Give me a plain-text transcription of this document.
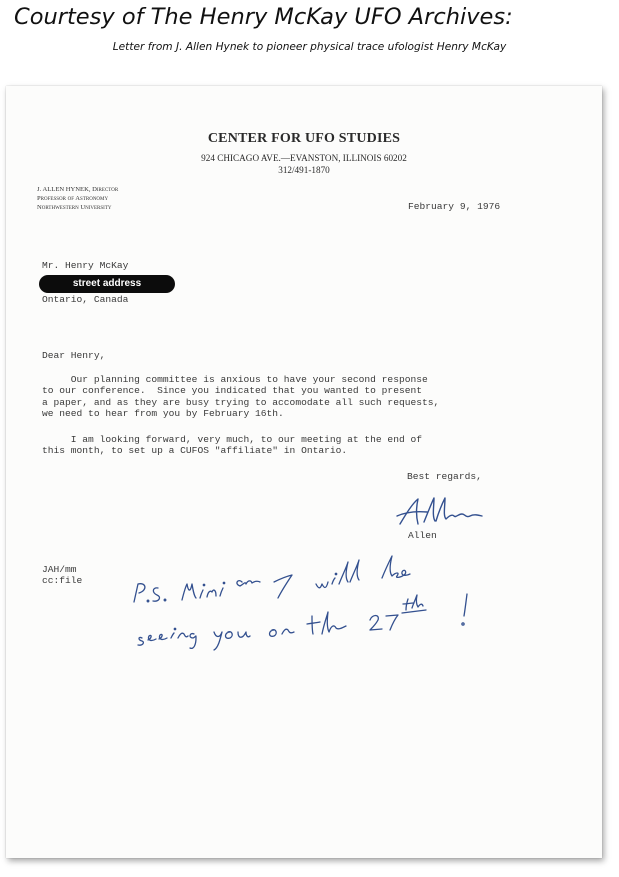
Courtesy of The Henry McKay UFO Archives:
Letter from J. Allen Hynek to pioneer physical trace ufologist Henry McKay
CENTER FOR UFO STUDIES
924 CHICAGO AVE.—EVANSTON, ILLINOIS 60202
312/491-1870
J. ALLEN HYNEK, Director
Professor of Astronomy
Northwestern University	February 9, 1976
Mr. Henry McKay
street address
Ontario, Canada
Dear Henry,
Our planning committee is anxious to have your second response
to our conference.  Since you indicated that you wanted to present
a paper, and as they are busy trying to accomodate all such requests,
we need to hear from you by February 16th.
I am looking forward, very much, to our meeting at the end of
this month, to set up a CUFOS "affiliate" in Ontario.
Best regards,
Allen
JAH/mm
cc:file
